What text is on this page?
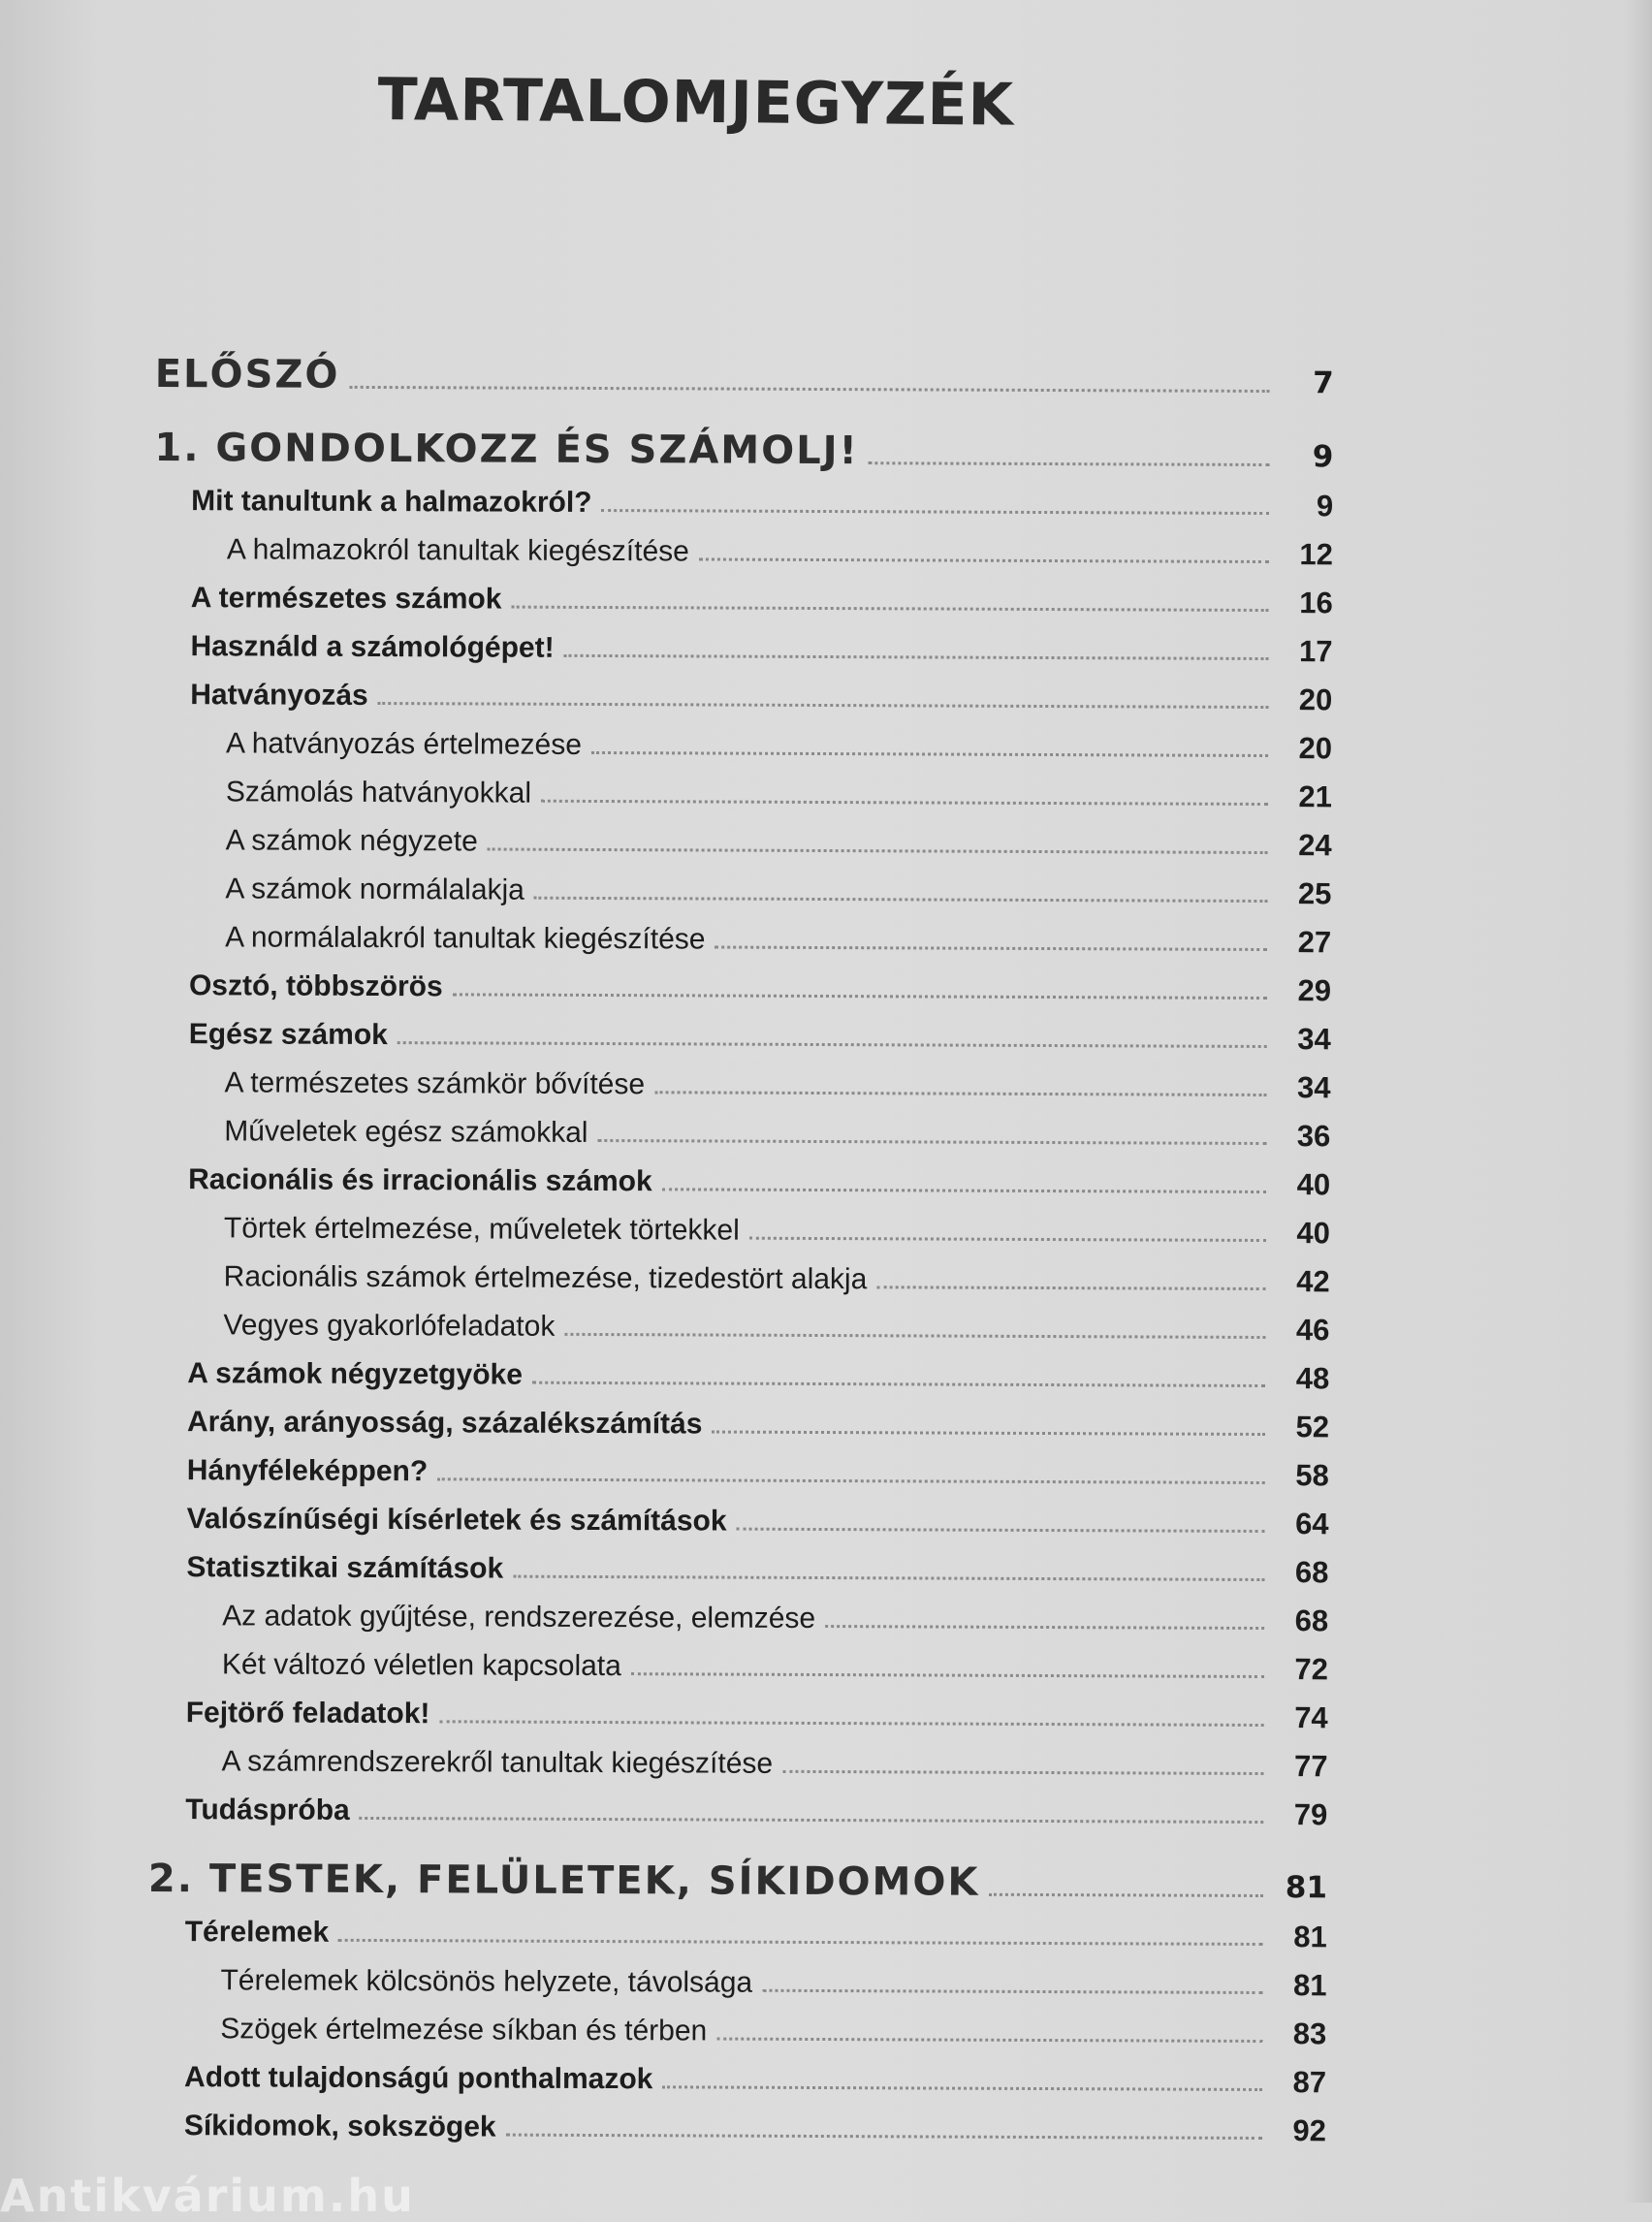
TARTALOMJEGYZÉK
ELŐSZÓ	7
1. GONDOLKOZZ ÉS SZÁMOLJ!	9
Mit tanultunk a halmazokról?	9
A halmazokról tanultak kiegészítése	12
A természetes számok	16
Használd a számológépet!	17
Hatványozás	20
A hatványozás értelmezése	20
Számolás hatványokkal	21
A számok négyzete	24
A számok normálalakja	25
A normálalakról tanultak kiegészítése	27
Osztó, többszörös	29
Egész számok	34
A természetes számkör bővítése	34
Műveletek egész számokkal	36
Racionális és irracionális számok	40
Törtek értelmezése, műveletek törtekkel	40
Racionális számok értelmezése, tizedestört alakja	42
Vegyes gyakorlófeladatok	46
A számok négyzetgyöke	48
Arány, arányosság, százalékszámítás	52
Hányféleképpen?	58
Valószínűségi kísérletek és számítások	64
Statisztikai számítások	68
Az adatok gyűjtése, rendszerezése, elemzése	68
Két változó véletlen kapcsolata	72
Fejtörő feladatok!	74
A számrendszerekről tanultak kiegészítése	77
Tudáspróba	79
2. TESTEK, FELÜLETEK, SÍKIDOMOK	81
Térelemek	81
Térelemek kölcsönös helyzete, távolsága	81
Szögek értelmezése síkban és térben	83
Adott tulajdonságú ponthalmazok	87
Síkidomok, sokszögek	92
Antikvárium.hu
